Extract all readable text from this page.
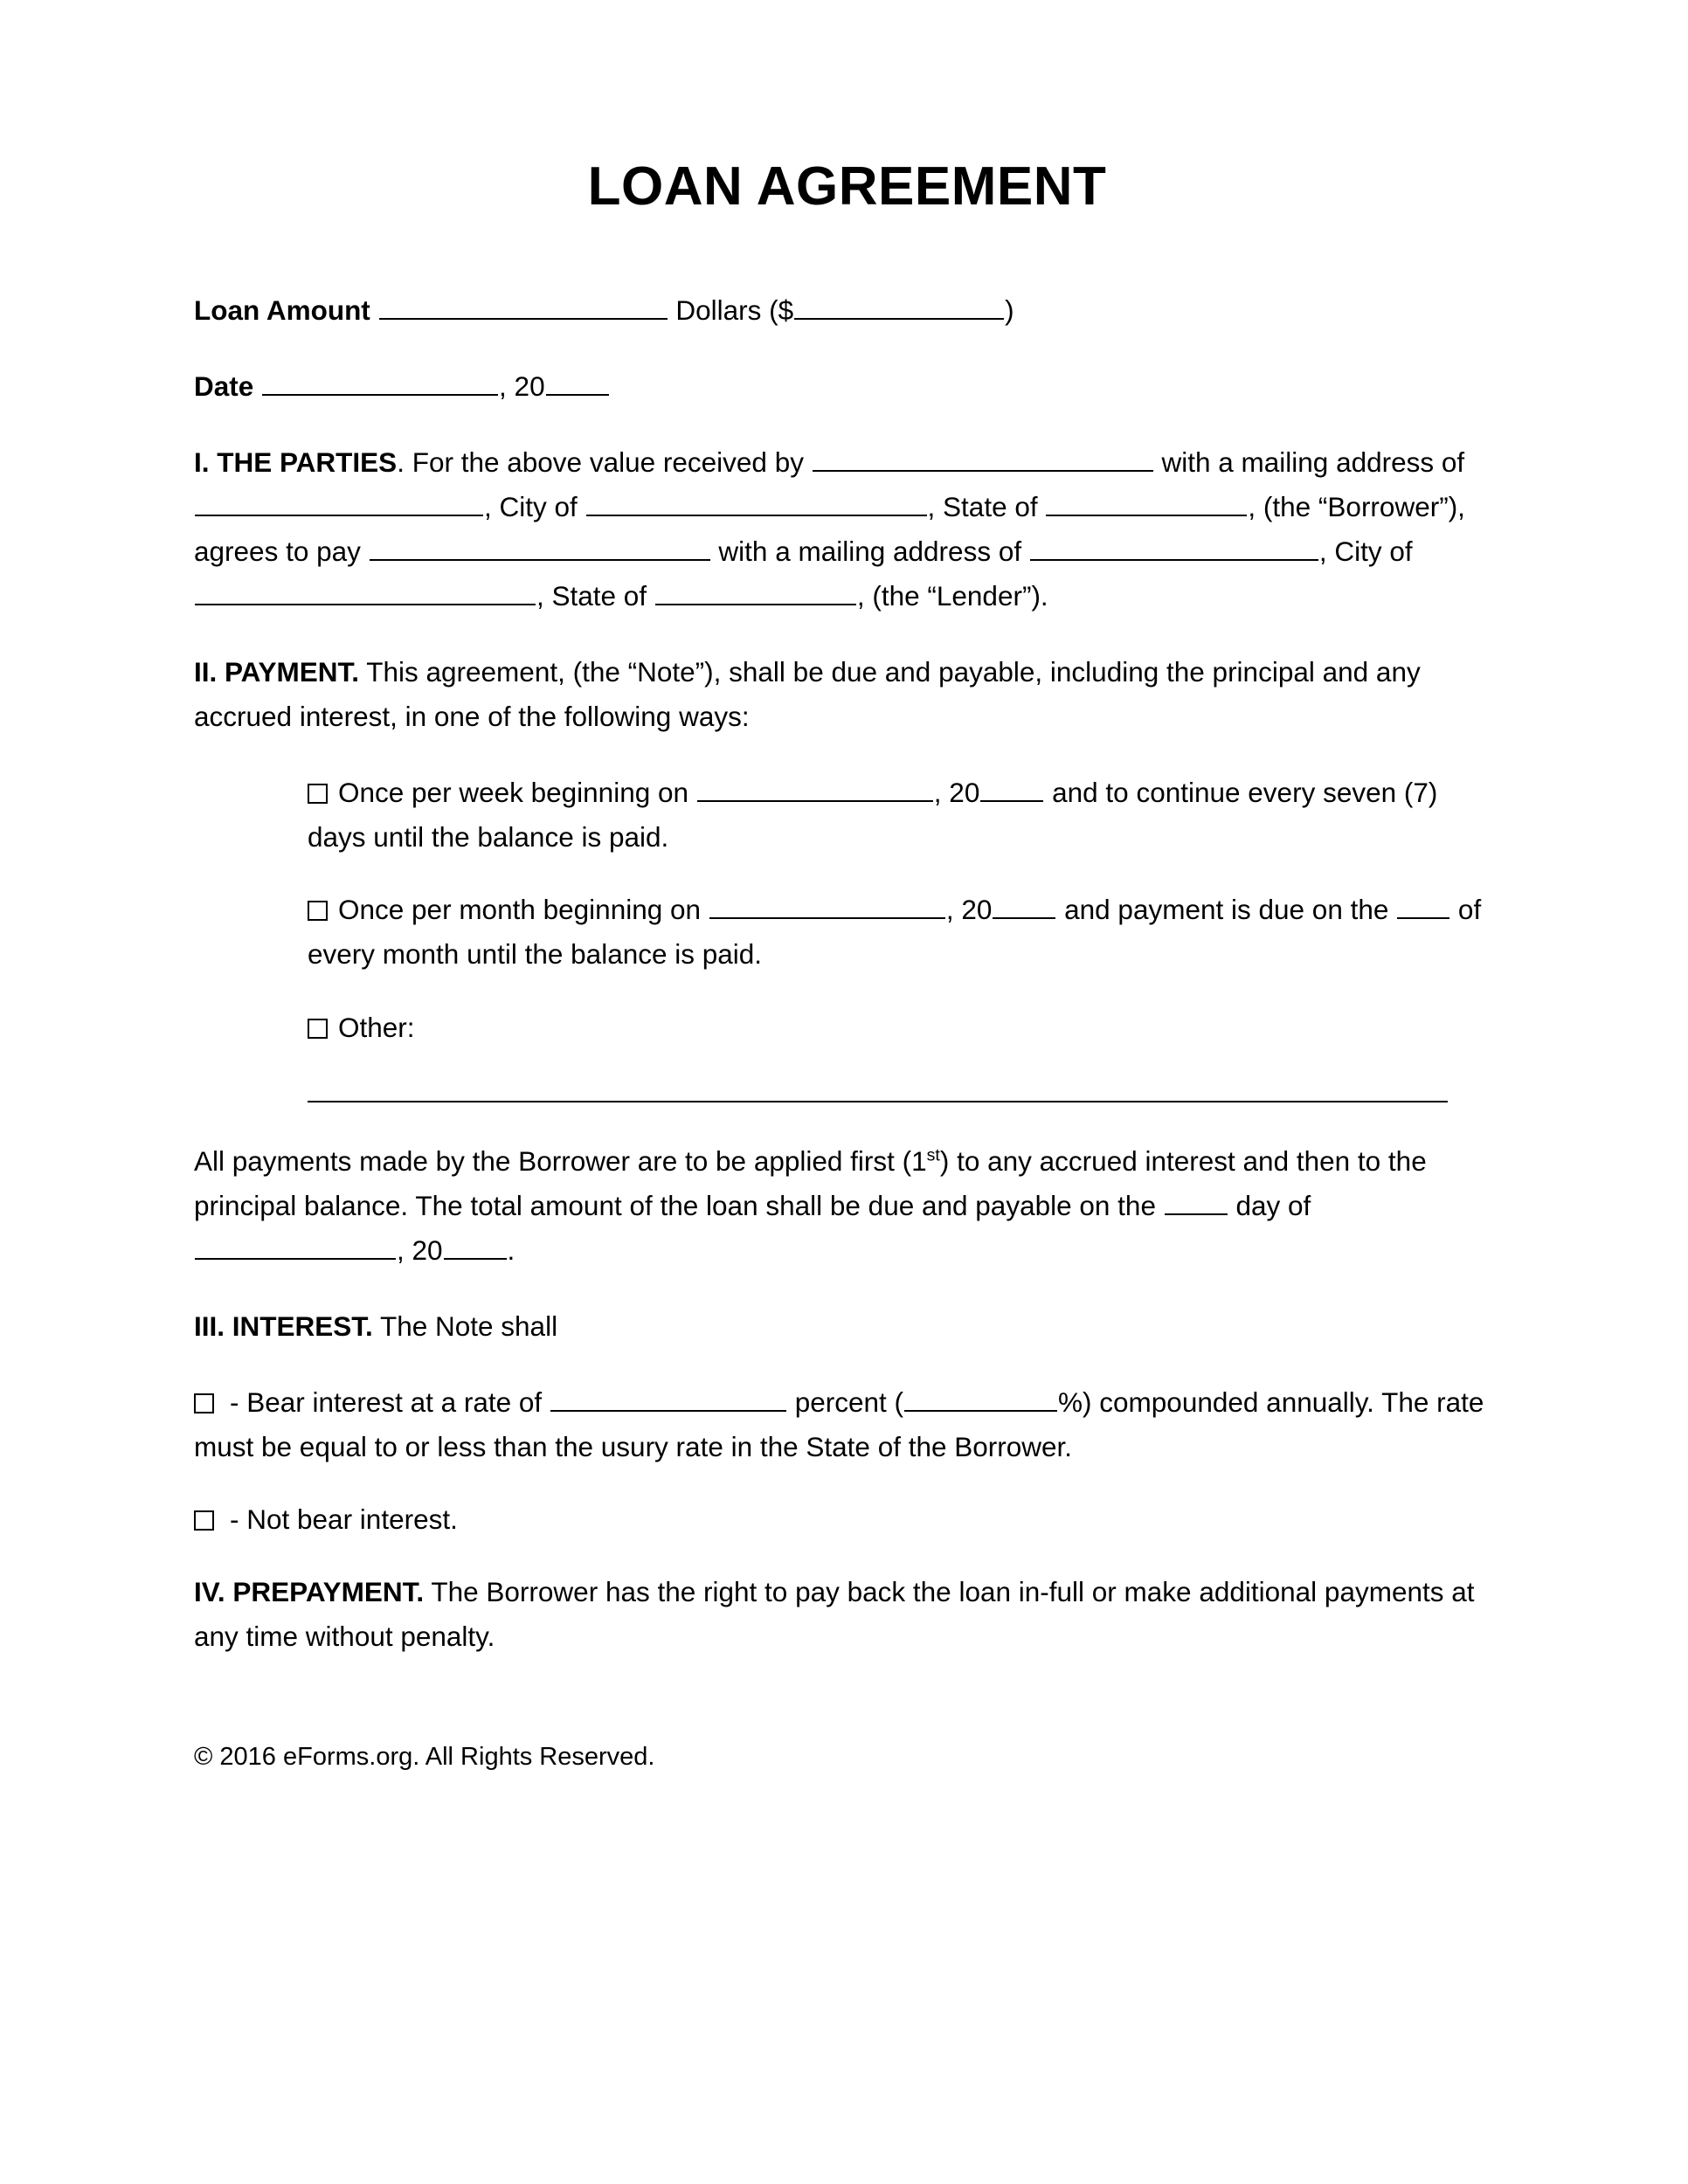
LOAN AGREEMENT

Loan Amount	Dollars ($	)

Date	, 20

I. THE PARTIES. For the above value received by	with a mailing address of , City of	, State of	, (the “Borrower”), agrees to pay	with a mailing address of	, City of , State of	, (the “Lender”).

II. PAYMENT. This agreement, (the “Note”), shall be due and payable, including the principal and any accrued interest, in one of the following ways:

Once per week beginning on	, 20	and to continue every seven (7) days until the balance is paid.

Once per month beginning on	, 20	and payment is due on the	of every month until the balance is paid.

Other:

All payments made by the Borrower are to be applied first (1st) to any accrued interest and then to the principal balance. The total amount of the loan shall be due and payable on the	day of , 20 .

III. INTEREST. The Note shall

- Bear interest at a rate of	percent (	%) compounded annually. The rate must be equal to or less than the usury rate in the State of the Borrower.

- Not bear interest.

IV. PREPAYMENT. The Borrower has the right to pay back the loan in-full or make additional payments at any time without penalty.

© 2016 eForms.org. All Rights Reserved.
